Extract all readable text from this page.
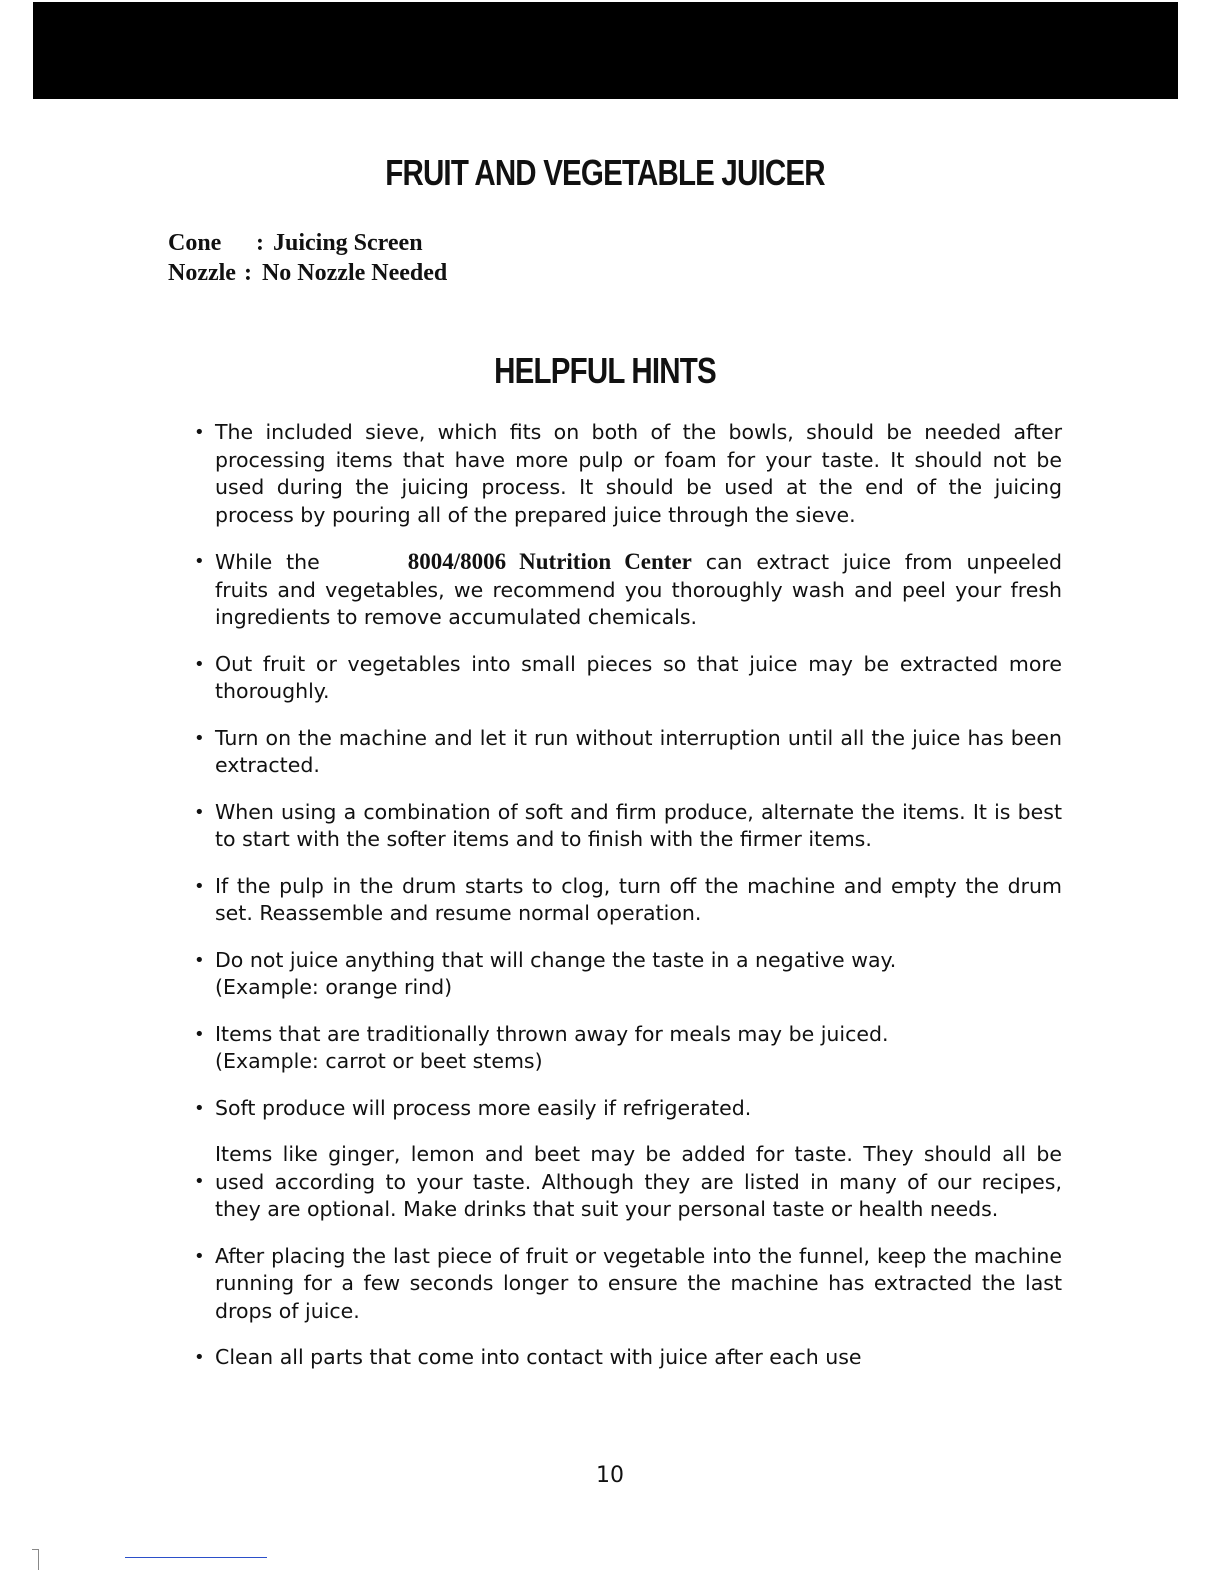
FRUIT AND VEGETABLE JUICER
Cone	: Juicing Screen
Nozzle : No Nozzle Needed
HELPFUL HINTS
• The included sieve, which fits on both of the bowls, should be needed after processing items that have more pulp or foam for your taste. It should not be used during the juicing process. It should be used at the end of the juicing process by pouring all of the prepared juice through the sieve.
• While the	8004/8006 Nutrition Center can extract juice from unpeeled fruits and vegetables, we recommend you thoroughly wash and peel your fresh ingredients to remove accumulated chemicals.
• Out fruit or vegetables into small pieces so that juice may be extracted more thoroughly.
• Turn on the machine and let it run without interruption until all the juice has been extracted.
• When using a combination of soft and firm produce, alternate the items. It is best to start with the softer items and to finish with the firmer items.
• If the pulp in the drum starts to clog, turn off the machine and empty the drum set. Reassemble and resume normal operation.
• Do not juice anything that will change the taste in a negative way.
(Example: orange rind)
• Items that are traditionally thrown away for meals may be juiced.
(Example: carrot or beet stems)
• Soft produce will process more easily if refrigerated.
•
Items like ginger, lemon and beet may be added for taste. They should all be used according to your taste. Although they are listed in many of our recipes, they are optional. Make drinks that suit your personal taste or health needs.
• After placing the last piece of fruit or vegetable into the funnel, keep the machine running for a few seconds longer to ensure the machine has extracted the last drops of juice.
• Clean all parts that come into contact with juice after each use
10
